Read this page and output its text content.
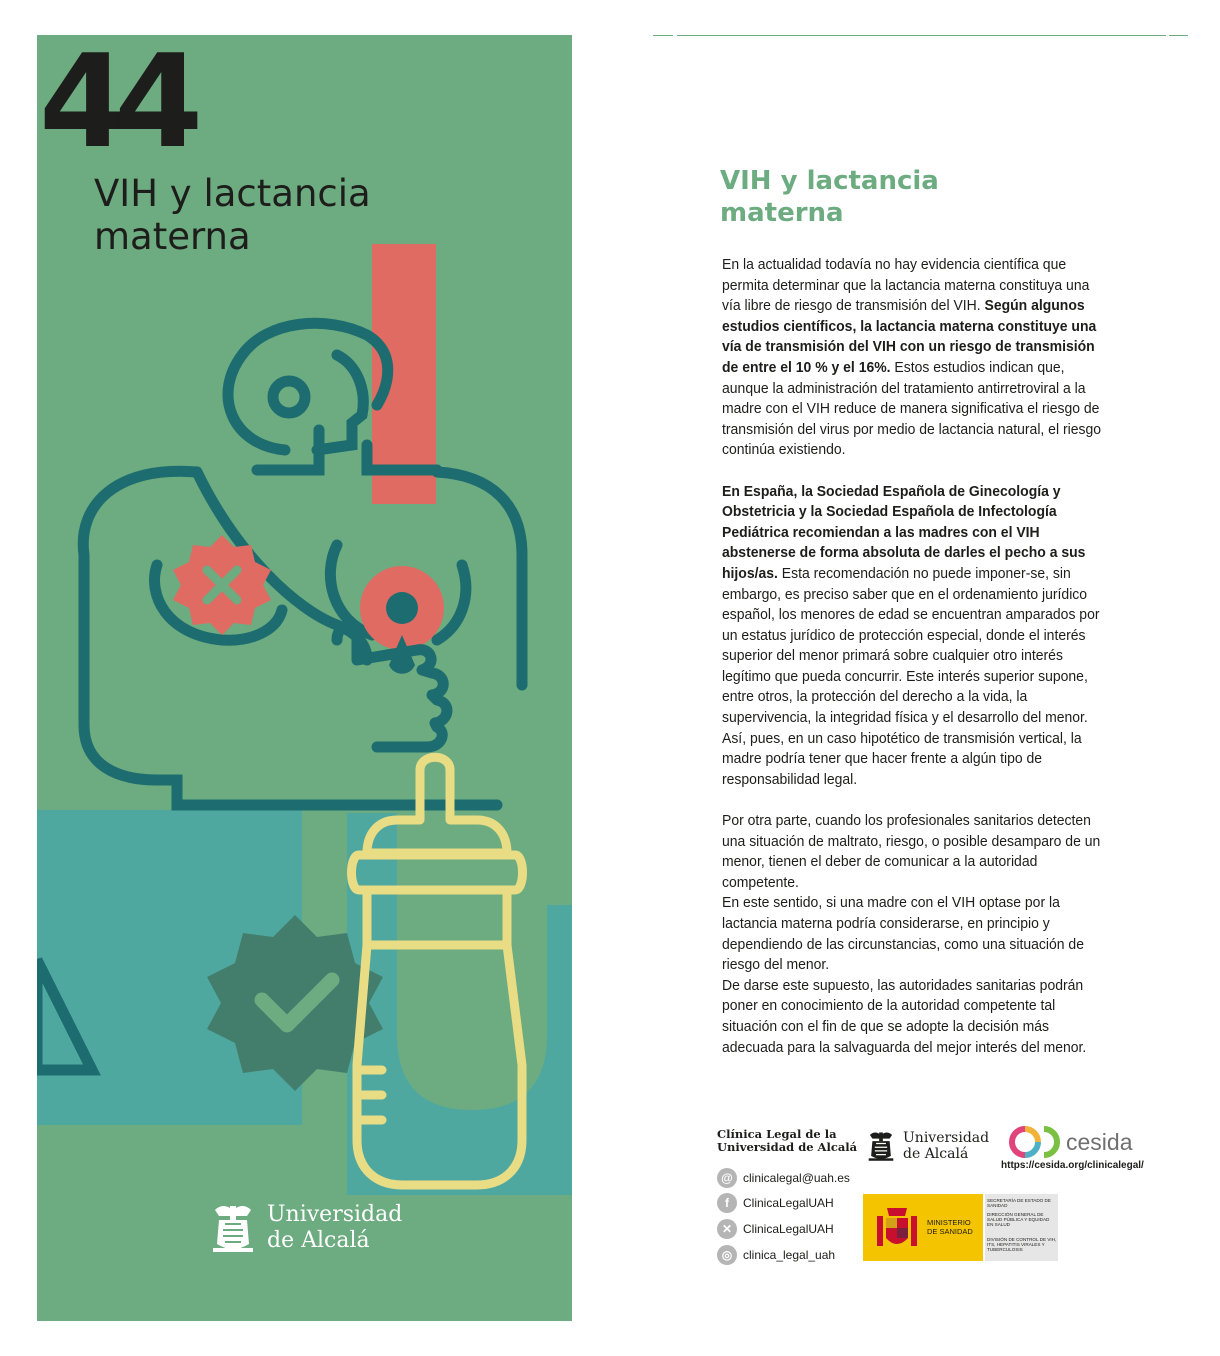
44
VIH y lactancia
materna
Universidad
de Alcalá
VIH y lactancia
materna

En la actualidad todavía no hay evidencia científica que permita determinar que la lactancia materna constituya una vía libre de riesgo de transmisión del VIH. Según algunos estudios científicos, la lactancia materna constituye una vía de transmisión del VIH con un riesgo de transmisión de entre el 10 % y el 16%. Estos estudios indican que, aunque la administración del tratamiento antirretroviral a la madre con el VIH reduce de manera significativa el riesgo de transmisión del virus por medio de lactancia natural, el riesgo continúa existiendo.

En España, la Sociedad Española de Ginecología y Obstetricia y la Sociedad Española de Infectología Pediátrica recomiendan a las madres con el VIH abstenerse de forma absoluta de darles el pecho a sus hijos/as. Esta recomendación no puede imponer-se, sin embargo, es preciso saber que en el ordenamiento jurídico español, los menores de edad se encuentran amparados por un estatus jurídico de protección especial, donde el interés superior del menor primará sobre cualquier otro interés legítimo que pueda concurrir. Este interés superior supone, entre otros, la protección del derecho a la vida, la supervivencia, la integridad física y el desarrollo del menor. Así, pues, en un caso hipotético de transmisión vertical, la madre podría tener que hacer frente a algún tipo de responsabilidad legal.

Por otra parte, cuando los profesionales sanitarios detecten una situación de maltrato, riesgo, o posible desamparo de un menor, tienen el deber de comunicar a la autoridad competente.
En este sentido, si una madre con el VIH optase por la lactancia materna podría considerarse, en principio y dependiendo de las circunstancias, como una situación de riesgo del menor.
De darse este supuesto, las autoridades sanitarias podrán poner en conocimiento de la autoridad competente tal situación con el fin de que se adopte la decisión más adecuada para la salvaguarda del mejor interés del menor.

Clínica Legal de la
Universidad de Alcalá
@ clinicalegal@uah.es
f	ClinicaLegalUAH
✕ ClinicaLegalUAH
◎ clinica_legal_uah
Universidad
de Alcalá	cesida
https://cesida.org/clinicalegal/
MINISTERIO
DE SANIDAD
SECRETARÍA DE ESTADO DE SANIDAD
DIRECCIÓN GENERAL DE SALUD PÚBLICA Y EQUIDAD EN SALUD
DIVISIÓN DE CONTROL DE VIH, ITS, HEPATITIS VIRALES Y TUBERCULOSIS
